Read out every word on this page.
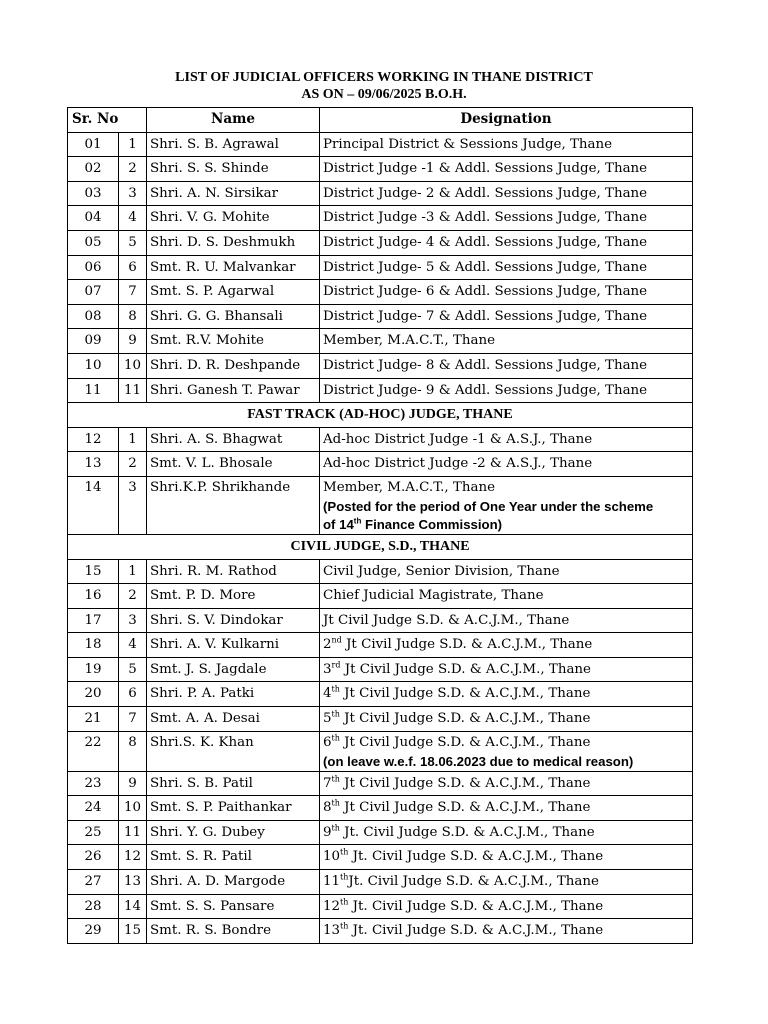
LIST OF JUDICIAL OFFICERS WORKING IN THANE DISTRICT
AS ON – 09/06/2025 B.O.H.
Sr. No		Name	Designation
01	1	Shri. S. B. Agrawal	Principal District & Sessions Judge, Thane

02	2	Shri. S. S. Shinde	District Judge -1 & Addl. Sessions Judge, Thane

03	3	Shri. A. N. Sirsikar	District Judge- 2 & Addl. Sessions Judge, Thane

04	4	Shri. V. G. Mohite	District Judge -3 & Addl. Sessions Judge, Thane

05	5	Shri. D. S. Deshmukh	District Judge- 4 & Addl. Sessions Judge, Thane

06	6	Smt. R. U. Malvankar	District Judge- 5 & Addl. Sessions Judge, Thane

07	7	Smt. S. P. Agarwal	District Judge- 6 & Addl. Sessions Judge, Thane

08	8	Shri. G. G. Bhansali	District Judge- 7 & Addl. Sessions Judge, Thane

09	9	Smt. R.V. Mohite	Member, M.A.C.T., Thane

10	10	Shri. D. R. Deshpande	District Judge- 8 & Addl. Sessions Judge, Thane

11	11	Shri. Ganesh T. Pawar	District Judge- 9 & Addl. Sessions Judge, Thane

FAST TRACK (AD-HOC) JUDGE, THANE			
12	1	Shri. A. S. Bhagwat	Ad-hoc District Judge -1 & A.S.J., Thane

13	2	Smt. V. L. Bhosale	Ad-hoc District Judge -2 & A.S.J., Thane

14	3	Shri.K.P. Shrikhande	Member, M.A.C.T., Thane
(Posted for the period of One Year under the scheme
of 14th Finance Commission)

CIVIL JUDGE, S.D., THANE			
15	1	Shri. R. M. Rathod	Civil Judge, Senior Division, Thane

16	2	Smt. P. D. More	Chief Judicial Magistrate, Thane

17	3	Shri. S. V. Dindokar	Jt Civil Judge S.D. & A.C.J.M., Thane

18	4	Shri. A. V. Kulkarni	2nd Jt Civil Judge S.D. & A.C.J.M., Thane

19	5	Smt. J. S. Jagdale	3rd Jt Civil Judge S.D. & A.C.J.M., Thane

20	6	Shri. P. A. Patki	4th Jt Civil Judge S.D. & A.C.J.M., Thane

21	7	Smt. A. A. Desai	5th Jt Civil Judge S.D. & A.C.J.M., Thane

22	8	Shri.S. K. Khan	6th Jt Civil Judge S.D. & A.C.J.M., Thane
(on leave w.e.f. 18.06.2023 due to medical reason)

23	9	Shri. S. B. Patil	7th Jt Civil Judge S.D. & A.C.J.M., Thane

24	10	Smt. S. P. Paithankar	8th Jt Civil Judge S.D. & A.C.J.M., Thane

25	11	Shri. Y. G. Dubey	9th Jt. Civil Judge S.D. & A.C.J.M., Thane

26	12	Smt. S. R. Patil	10th Jt. Civil Judge S.D. & A.C.J.M., Thane

27	13	Shri. A. D. Margode	11thJt. Civil Judge S.D. & A.C.J.M., Thane

28	14	Smt. S. S. Pansare	12th Jt. Civil Judge S.D. & A.C.J.M., Thane

29	15	Smt. R. S. Bondre	13th Jt. Civil Judge S.D. & A.C.J.M., Thane
